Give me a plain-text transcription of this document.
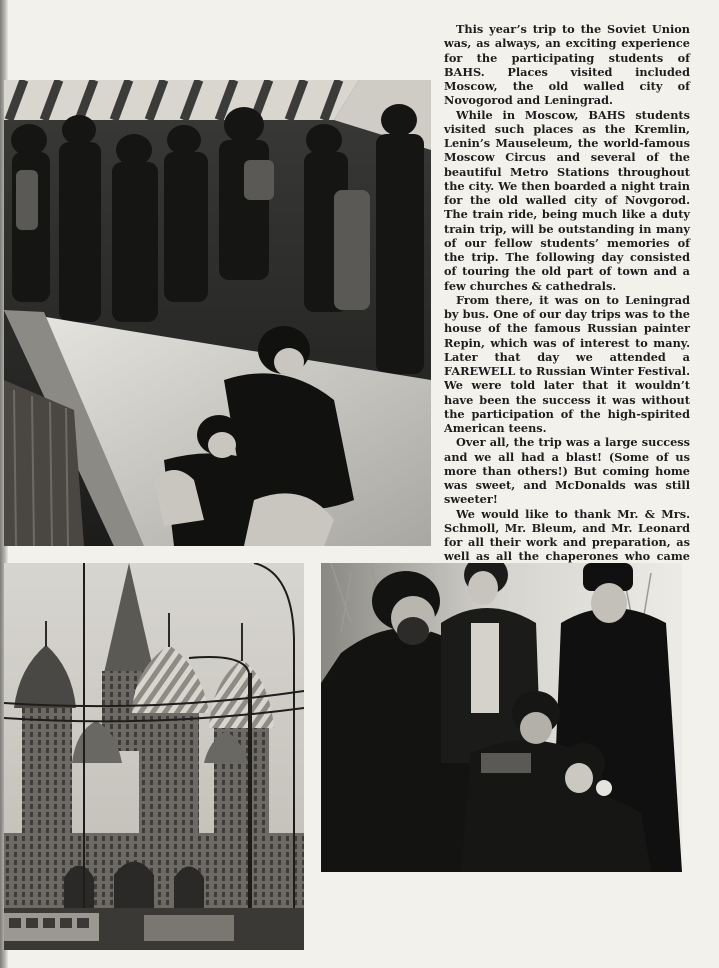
This year’s trip to the Soviet Union was, as always, an exciting experience for the participating students of BAHS. Places visited included Moscow, the old walled city of Novogorod and Leningrad.

While in Moscow, BAHS students visited such places as the Kremlin, Lenin’s Mauseleum, the world-famous Moscow Circus and several of the beautiful Metro Stations throughout the city. We then boarded a night train for the old walled city of Novgorod. The train ride, being much like a duty train trip, will be outstanding in many of our fellow students’ memories of the trip. The following day consisted of touring the old part of town and a few churches & cathedrals.

From there, it was on to Leningrad by bus. One of our day trips was to the house of the famous Russian painter Repin, which was of interest to many. Later that day we attended a FAREWELL to Russian Winter Festival. We were told later that it wouldn’t have been the success it was without the participation of the high-spirited American teens.

Over all, the trip was a large success and we all had a blast! (Some of us more than others!) But coming home was sweet, and McDonalds was still sweeter!

We would like to thank Mr. & Mrs. Schmoll, Mr. Bleum, and Mr. Leonard for all their work and preparation, as well as all the chaperones who came
